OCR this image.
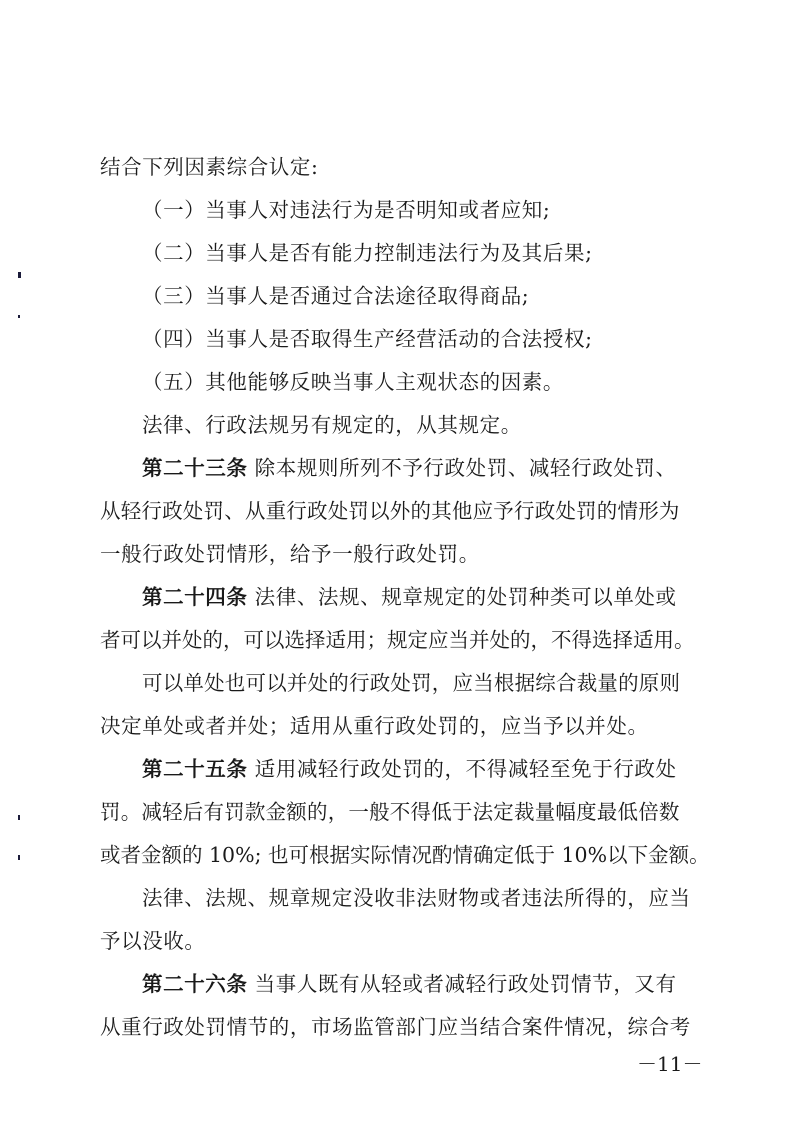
结合下列因素综合认定:
（一）当事人对违法行为是否明知或者应知;
（二）当事人是否有能力控制违法行为及其后果;
（三）当事人是否通过合法途径取得商品;
（四）当事人是否取得生产经营活动的合法授权;
（五）其他能够反映当事人主观状态的因素。
法律、行政法规另有规定的，从其规定。
第二十三条 除本规则所列不予行政处罚、减轻行政处罚、
从轻行政处罚、从重行政处罚以外的其他应予行政处罚的情形为
一般行政处罚情形，给予一般行政处罚。
第二十四条 法律、法规、规章规定的处罚种类可以单处或
者可以并处的，可以选择适用；规定应当并处的，不得选择适用。
可以单处也可以并处的行政处罚，应当根据综合裁量的原则
决定单处或者并处；适用从重行政处罚的，应当予以并处。
第二十五条 适用减轻行政处罚的，不得减轻至免于行政处
罚。减轻后有罚款金额的，一般不得低于法定裁量幅度最低倍数
或者金额的 10%; 也可根据实际情况酌情确定低于 10%以下金额。
法律、法规、规章规定没收非法财物或者违法所得的，应当
予以没收。
第二十六条 当事人既有从轻或者减轻行政处罚情节，又有
从重行政处罚情节的，市场监管部门应当结合案件情况，综合考
－11－
